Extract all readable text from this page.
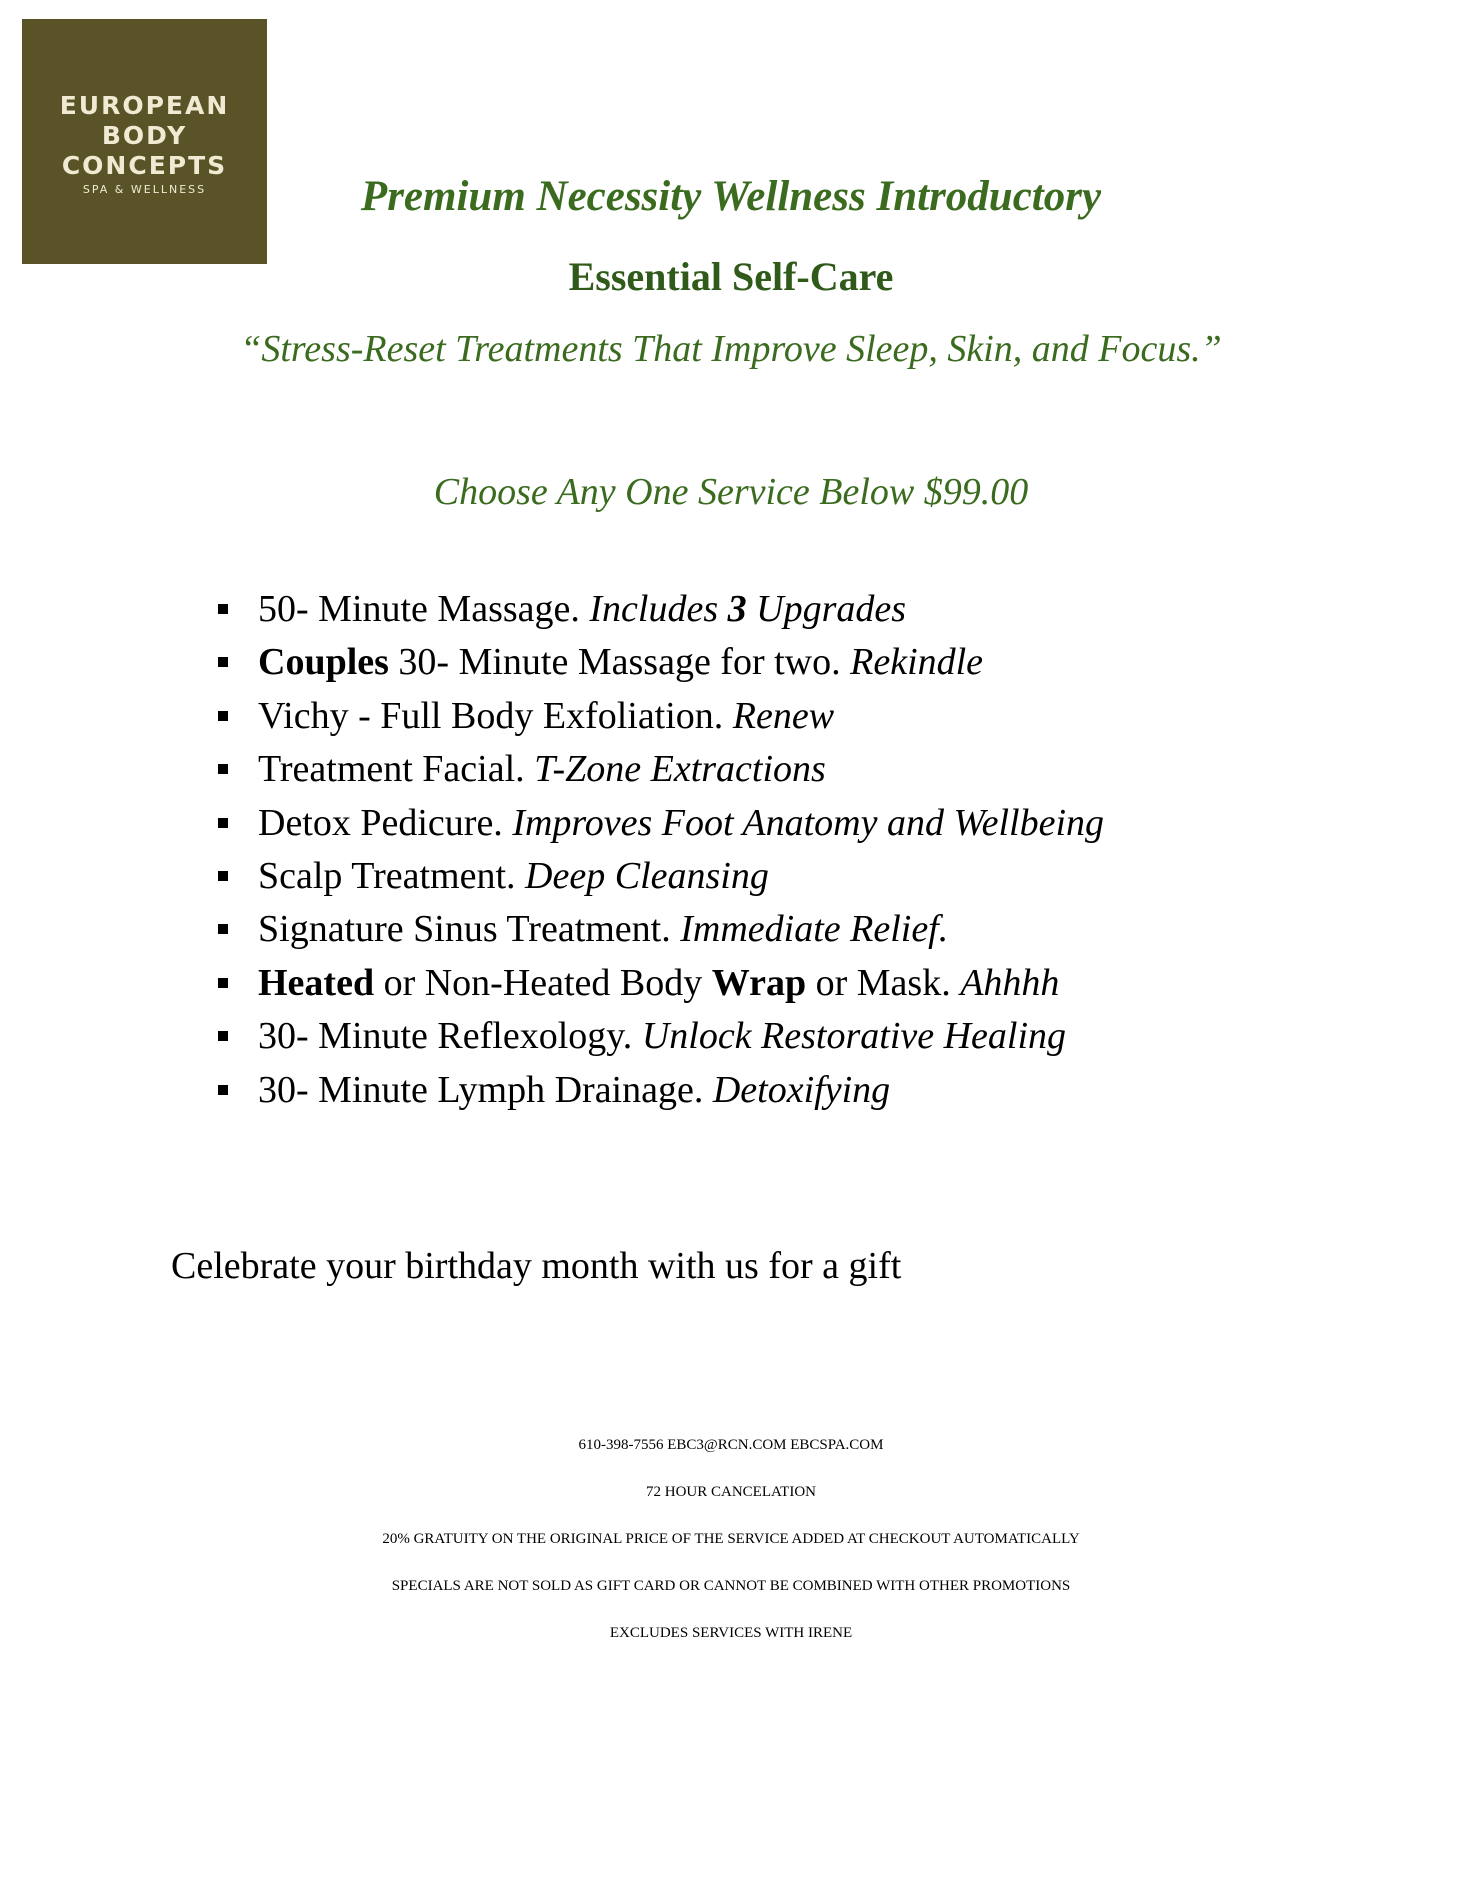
EUROPEAN
BODY
CONCEPTS
SPA & WELLNESS	Premium Necessity Wellness Introductory
Essential Self-Care
“Stress-Reset Treatments That Improve Sleep, Skin, and Focus.”
Choose Any One Service Below $99.00
50- Minute Massage. Includes 3 Upgrades
Couples 30- Minute Massage for two. Rekindle
Vichy - Full Body Exfoliation. Renew
Treatment Facial. T-Zone Extractions
Detox Pedicure. Improves Foot Anatomy and Wellbeing
Scalp Treatment. Deep Cleansing
Signature Sinus Treatment. Immediate Relief.
Heated or Non-Heated Body Wrap or Mask. Ahhhh
30- Minute Reflexology. Unlock Restorative Healing
30- Minute Lymph Drainage. Detoxifying
Celebrate your birthday month with us for a gift
610-398-7556 EBC3@RCN.COM EBCSPA.COM
72 HOUR CANCELATION
20% GRATUITY ON THE ORIGINAL PRICE OF THE SERVICE ADDED AT CHECKOUT AUTOMATICALLY
SPECIALS ARE NOT SOLD AS GIFT CARD OR CANNOT BE COMBINED WITH OTHER PROMOTIONS
EXCLUDES SERVICES WITH IRENE
